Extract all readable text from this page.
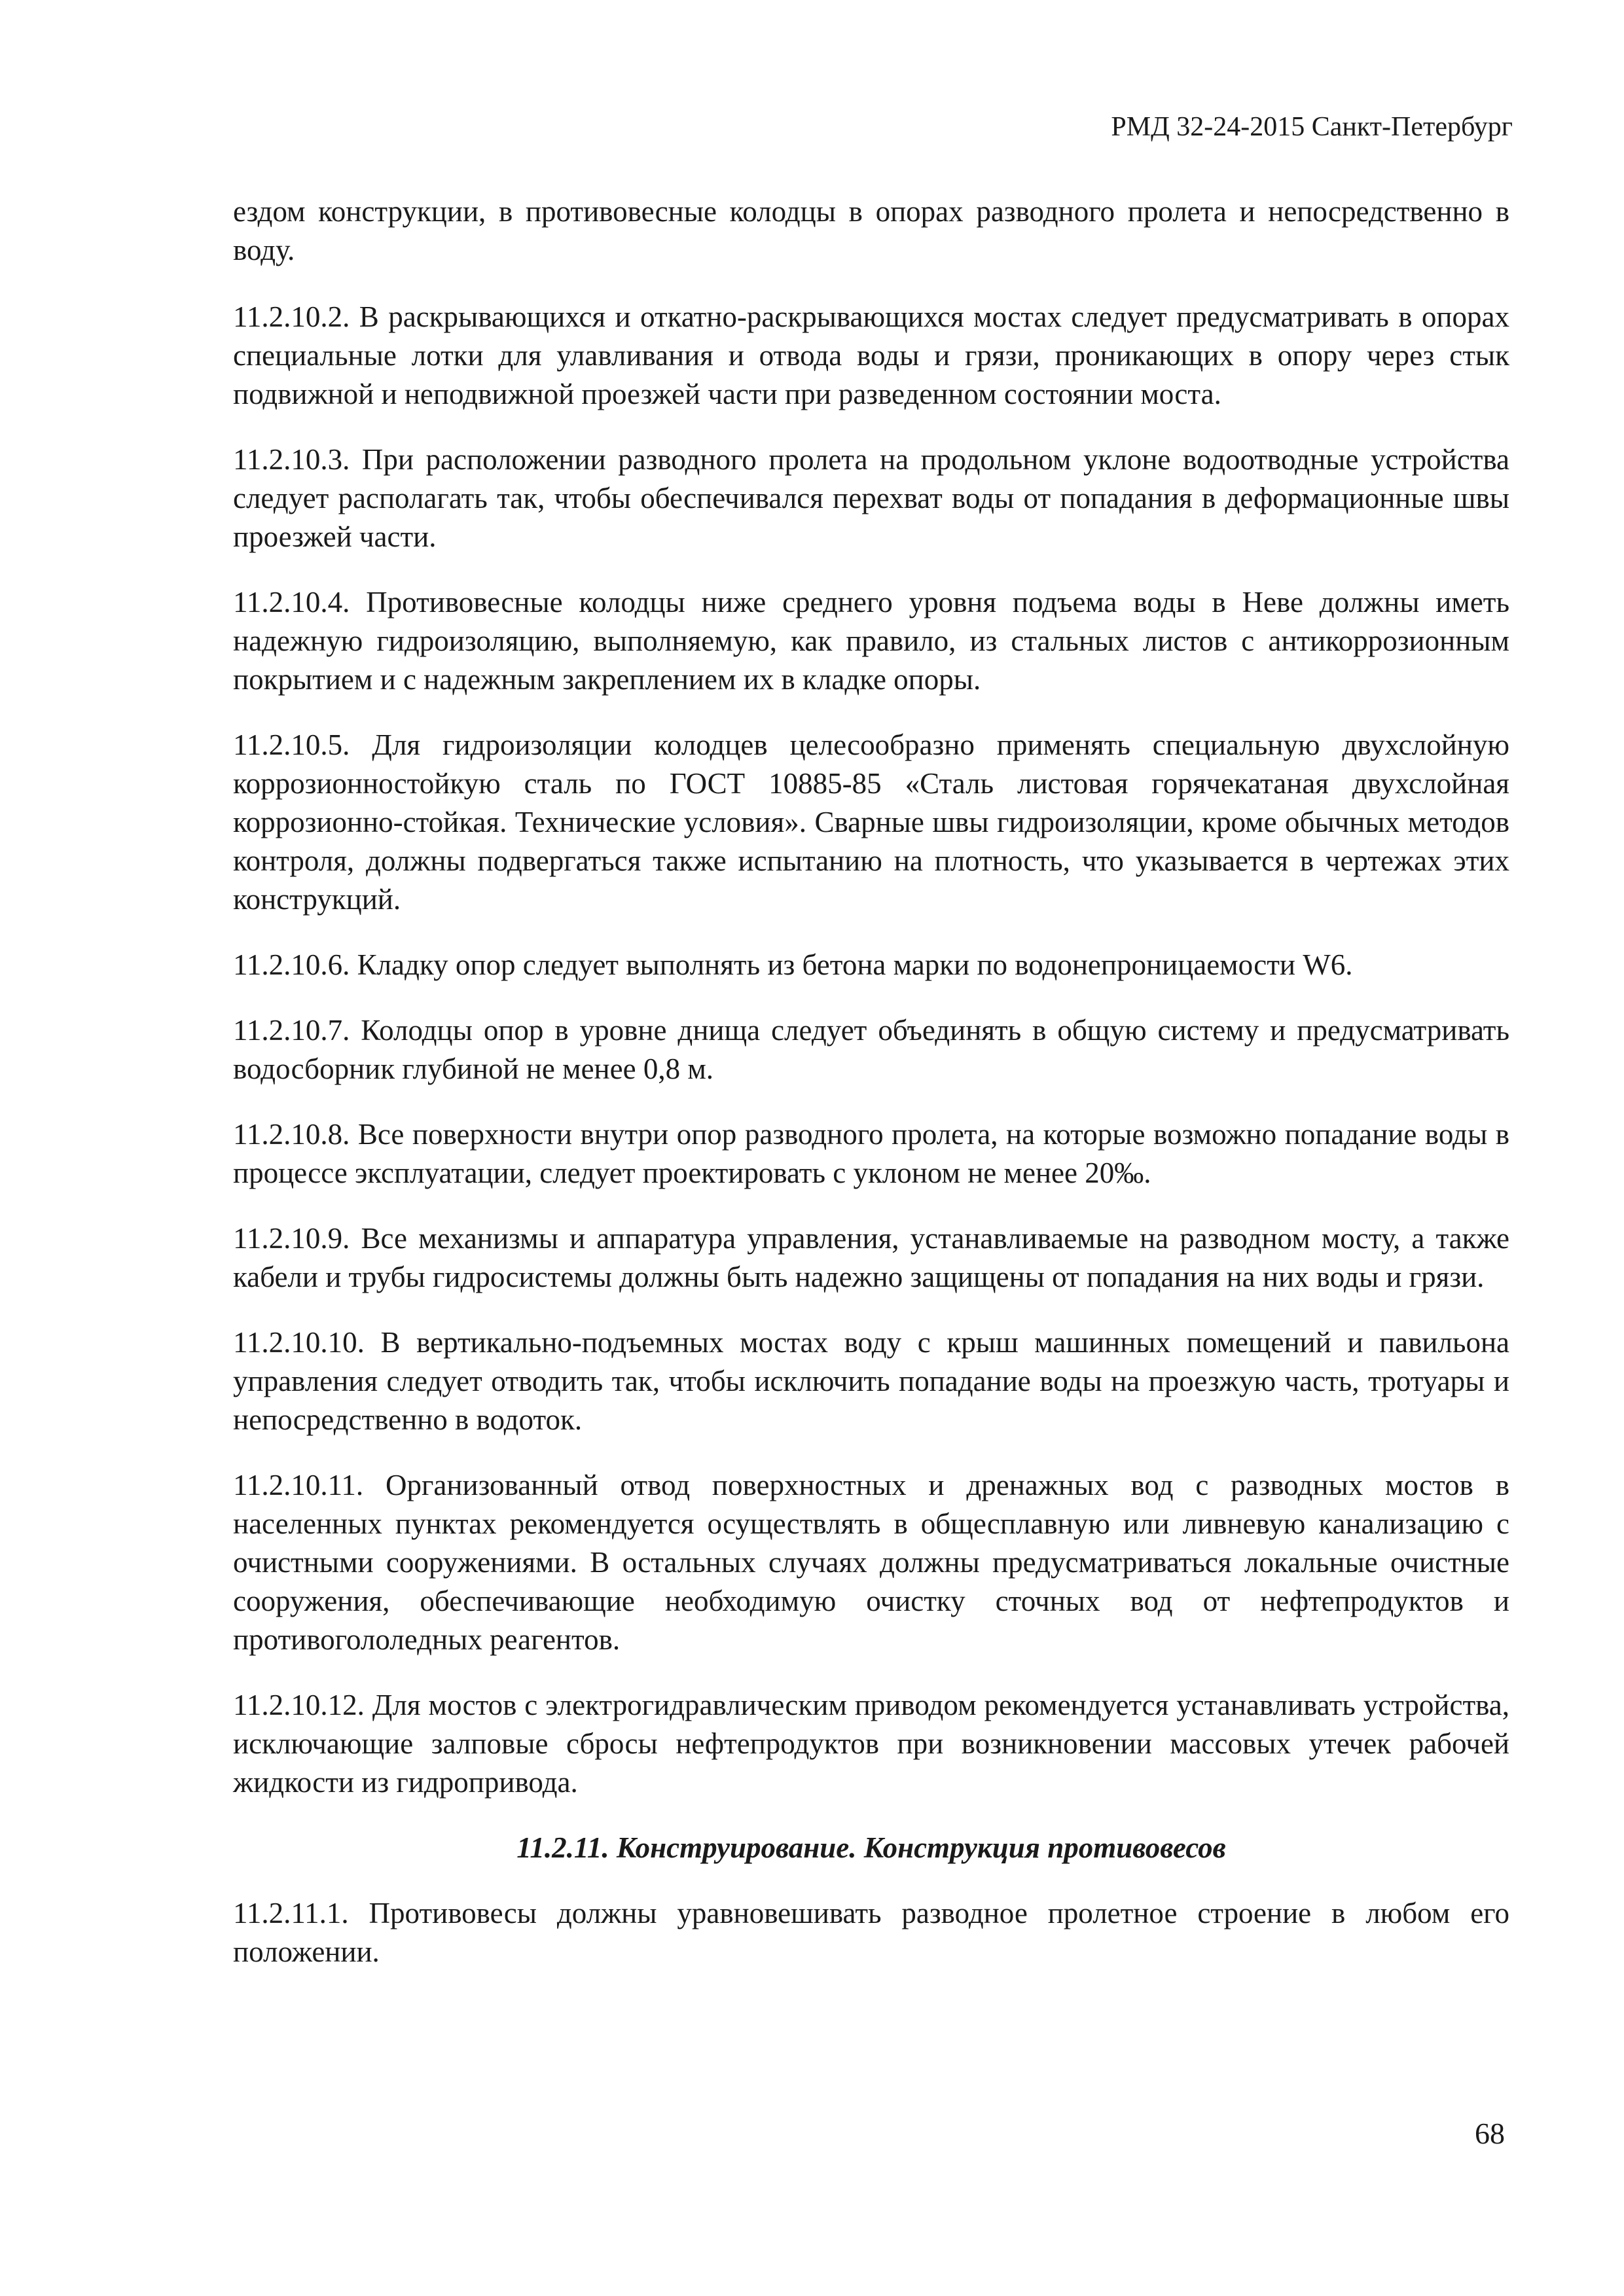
РМД 32-24-2015 Санкт-Петербург

ездом конструкции, в противовесные колодцы в опорах разводного пролета и непосредственно в воду.

11.2.10.2. В раскрывающихся и откатно-раскрывающихся мостах следует предусматривать в опорах специальные лотки для улавливания и отвода воды и грязи, проникающих в опору через стык подвижной и неподвижной проезжей части при разведенном состоянии моста.

11.2.10.3. При расположении разводного пролета на продольном уклоне водоотводные устройства следует располагать так, чтобы обеспечивался перехват воды от попадания в деформационные швы проезжей части.

11.2.10.4. Противовесные колодцы ниже среднего уровня подъема воды в Неве должны иметь надежную гидроизоляцию, выполняемую, как правило, из стальных листов с антикоррозионным покрытием и с надежным закреплением их в кладке опоры.

11.2.10.5. Для гидроизоляции колодцев целесообразно применять специальную двухслойную коррозионностойкую сталь по ГОСТ 10885-85 «Сталь листовая горячекатаная двухслойная коррозионно-стойкая. Технические условия». Сварные швы гидроизоляции, кроме обычных методов контроля, должны подвергаться также испытанию на плотность, что указывается в чертежах этих конструкций.

11.2.10.6. Кладку опор следует выполнять из бетона марки по водонепроницаемости W6.

11.2.10.7. Колодцы опор в уровне днища следует объединять в общую систему и предусматривать водосборник глубиной не менее 0,8 м.

11.2.10.8. Все поверхности внутри опор разводного пролета, на которые возможно попадание воды в процессе эксплуатации, следует проектировать с уклоном не менее 20‰.

11.2.10.9. Все механизмы и аппаратура управления, устанавливаемые на разводном мосту, а также кабели и трубы гидросистемы должны быть надежно защищены от попадания на них воды и грязи.

11.2.10.10. В вертикально-подъемных мостах воду с крыш машинных помещений и павильона управления следует отводить так, чтобы исключить попадание воды на проезжую часть, тротуары и непосредственно в водоток.

11.2.10.11. Организованный отвод поверхностных и дренажных вод с разводных мостов в населенных пунктах рекомендуется осуществлять в общесплавную или ливневую канализацию с очистными сооружениями. В остальных случаях должны предусматриваться локальные очистные сооружения, обеспечивающие необходимую очистку сточных вод от нефтепродуктов и противогололедных реагентов.

11.2.10.12. Для мостов с электрогидравлическим приводом рекомендуется устанавливать устройства, исключающие залповые сбросы нефтепродуктов при возникновении массовых утечек рабочей жидкости из гидропривода.

11.2.11. Конструирование. Конструкция противовесов

11.2.11.1. Противовесы должны уравновешивать разводное пролетное строение в любом его положении.

68
